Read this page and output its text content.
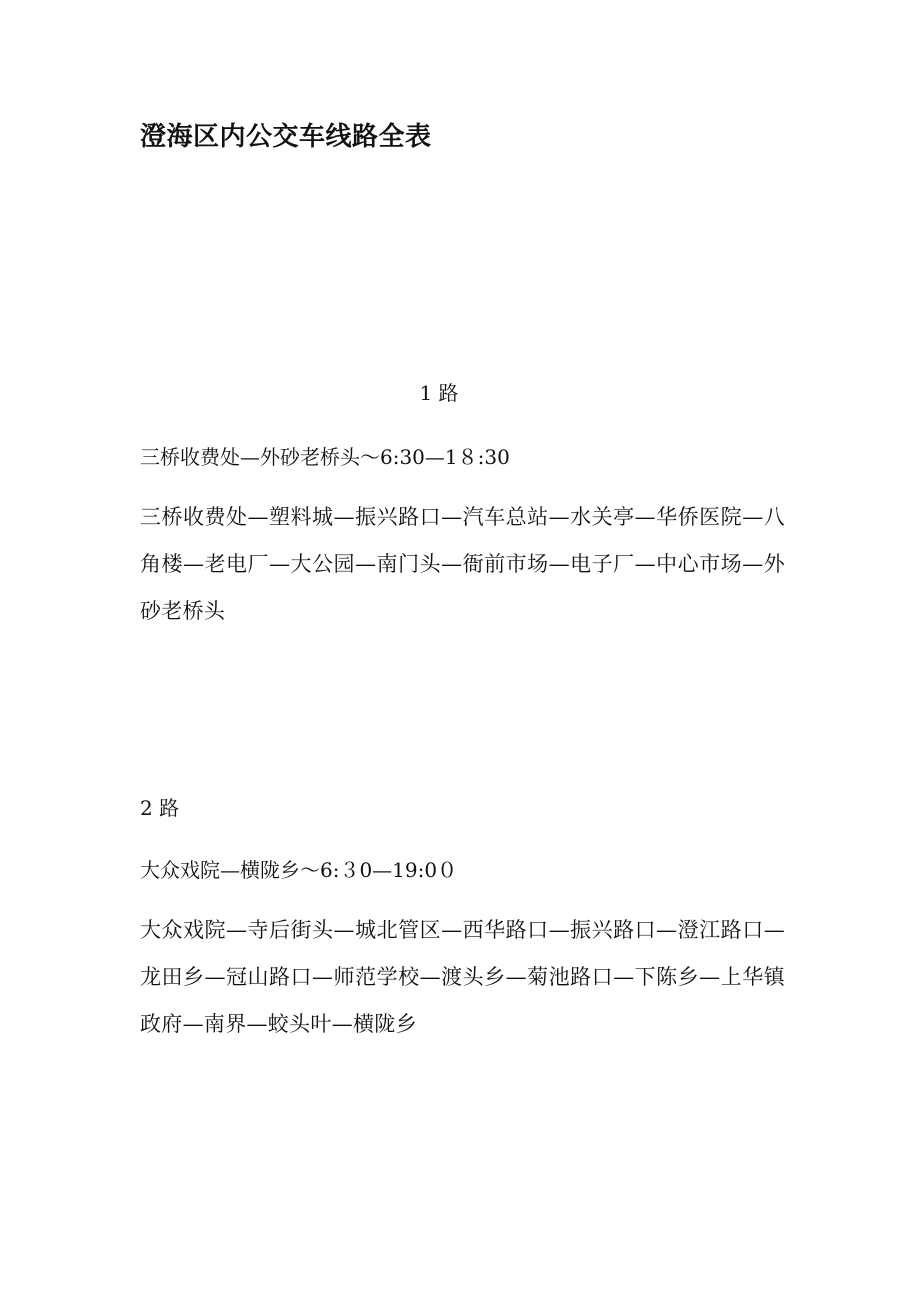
澄海区内公交车线路全表
1 路
三桥收费处—外砂老桥头～6:30—1８:30
三桥收费处—塑料城—振兴路口—汽车总站—水关亭—华侨医院—八角楼—老电厂—大公园—南门头—衙前市场—电子厂—中心市场—外砂老桥头
2 路
大众戏院—横陇乡～6:３0—19:0０
大众戏院—寺后街头—城北管区—西华路口—振兴路口—澄江路口—龙田乡—冠山路口—师范学校—渡头乡—菊池路口—下陈乡—上华镇政府—南界—蛟头叶—横陇乡
